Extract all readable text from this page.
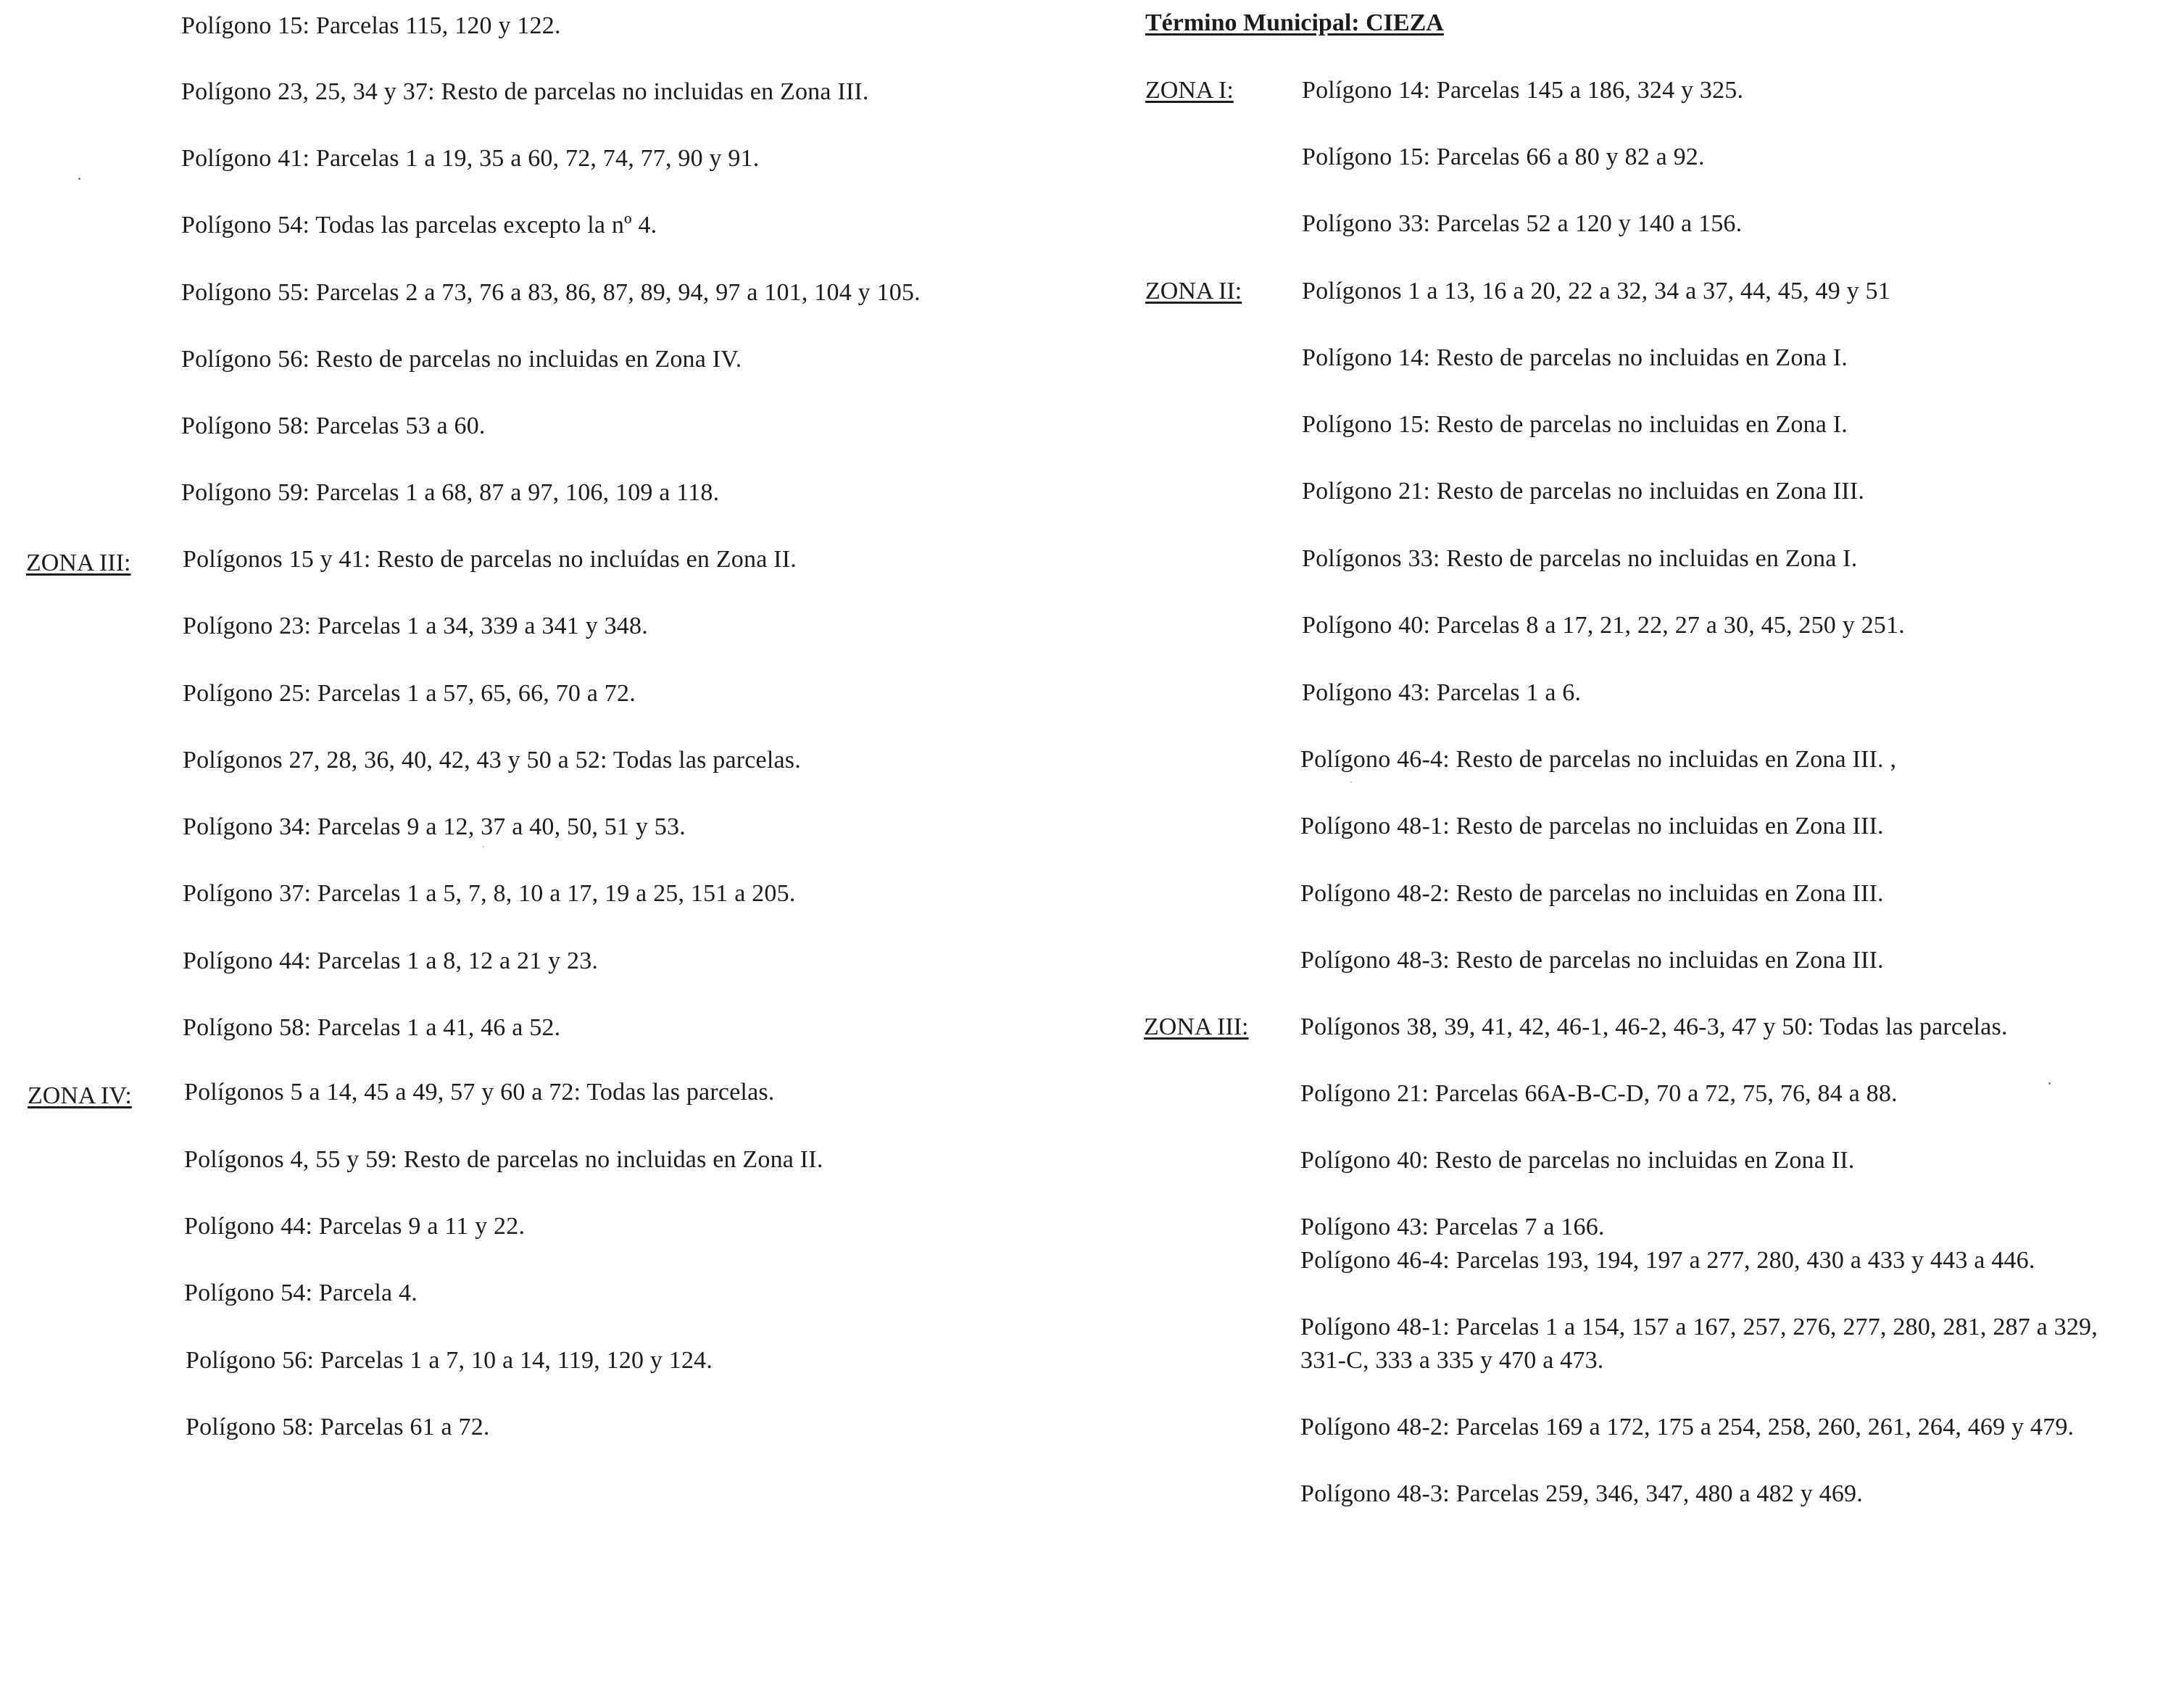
Polígono 15: Parcelas 115, 120 y 122.
Polígono 23, 25, 34 y 37: Resto de parcelas no incluidas en Zona III.
Polígono 41: Parcelas 1 a 19, 35 a 60, 72, 74, 77, 90 y 91.
Polígono 54: Todas las parcelas excepto la nº 4.
Polígono 55: Parcelas 2 a 73, 76 a 83, 86, 87, 89, 94, 97 a 101, 104 y 105.
Polígono 56: Resto de parcelas no incluidas en Zona IV.
Polígono 58: Parcelas 53 a 60.
Polígono 59: Parcelas 1 a 68, 87 a 97, 106, 109 a 118.
ZONA III: Polígonos 15 y 41: Resto de parcelas no incluídas en Zona II.
Polígono 23: Parcelas 1 a 34, 339 a 341 y 348.
Polígono 25: Parcelas 1 a 57, 65, 66, 70 a 72.
Polígonos 27, 28, 36, 40, 42, 43 y 50 a 52: Todas las parcelas.
Polígono 34: Parcelas 9 a 12, 37 a 40, 50, 51 y 53.
Polígono 37: Parcelas 1 a 5, 7, 8, 10 a 17, 19 a 25, 151 a 205.
Polígono 44: Parcelas 1 a 8, 12 a 21 y 23.
Polígono 58: Parcelas 1 a 41, 46 a 52.
ZONA IV: Polígonos 5 a 14, 45 a 49, 57 y 60 a 72: Todas las parcelas.
Polígonos 4, 55 y 59: Resto de parcelas no incluidas en Zona II.
Polígono 44: Parcelas 9 a 11 y 22.
Polígono 54: Parcela 4.
Polígono 56: Parcelas 1 a 7, 10 a 14, 119, 120 y 124.
Polígono 58: Parcelas 61 a 72.
Término Municipal: CIEZA
ZONA I:	Polígono 14: Parcelas 145 a 186, 324 y 325.
Polígono 15: Parcelas 66 a 80 y 82 a 92.
Polígono 33: Parcelas 52 a 120 y 140 a 156.
ZONA II: Polígonos 1 a 13, 16 a 20, 22 a 32, 34 a 37, 44, 45, 49 y 51
Polígono 14: Resto de parcelas no incluidas en Zona I.
Polígono 15: Resto de parcelas no incluidas en Zona I.
Polígono 21: Resto de parcelas no incluidas en Zona III.
Polígonos 33: Resto de parcelas no incluidas en Zona I.
Polígono 40: Parcelas 8 a 17, 21, 22, 27 a 30, 45, 250 y 251.
Polígono 43: Parcelas 1 a 6.
Polígono 46-4: Resto de parcelas no incluidas en Zona III. ,
Polígono 48-1: Resto de parcelas no incluidas en Zona III.
Polígono 48-2: Resto de parcelas no incluidas en Zona III.
Polígono 48-3: Resto de parcelas no incluidas en Zona III.
ZONA III: Polígonos 38, 39, 41, 42, 46-1, 46-2, 46-3, 47 y 50: Todas las parcelas.
Polígono 21: Parcelas 66A-B-C-D, 70 a 72, 75, 76, 84 a 88.
Polígono 40: Resto de parcelas no incluidas en Zona II.
Polígono 43: Parcelas 7 a 166.
Polígono 46-4: Parcelas 193, 194, 197 a 277, 280, 430 a 433 y 443 a 446.
Polígono 48-1: Parcelas 1 a 154, 157 a 167, 257, 276, 277, 280, 281, 287 a 329,
331-C, 333 a 335 y 470 a 473.
Polígono 48-2: Parcelas 169 a 172, 175 a 254, 258, 260, 261, 264, 469 y 479.
Polígono 48-3: Parcelas 259, 346, 347, 480 a 482 y 469.
